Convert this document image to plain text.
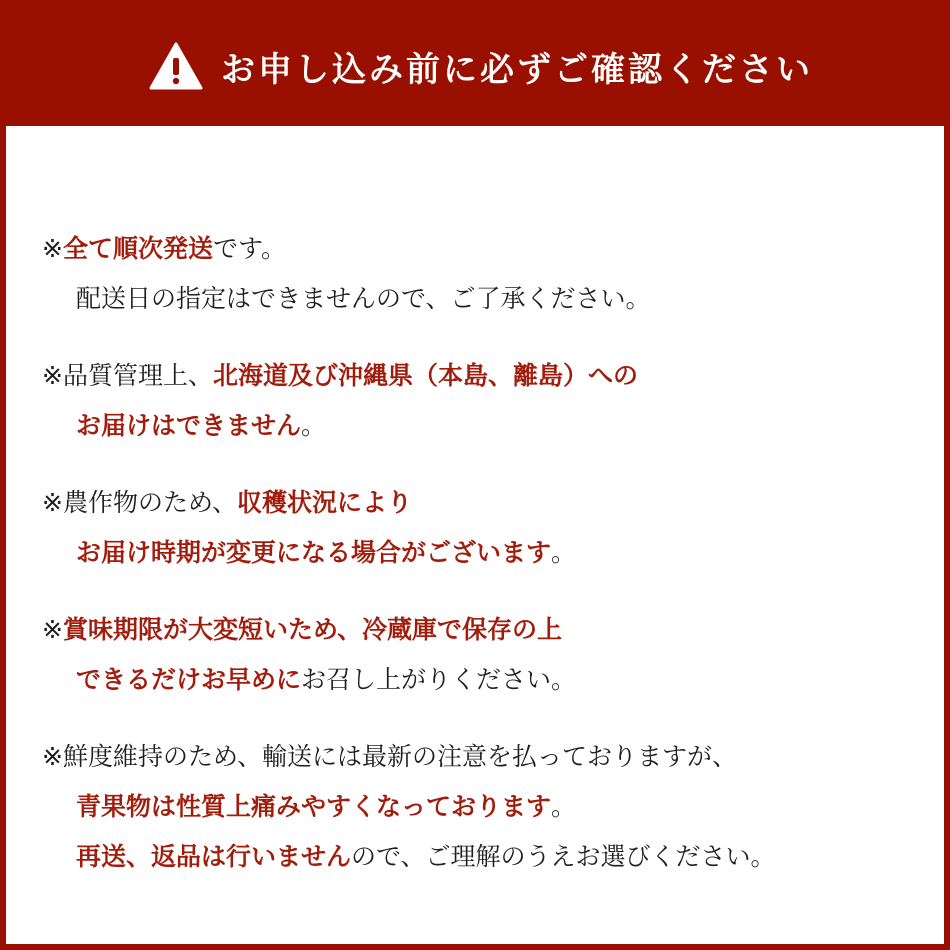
お申し込み前に必ずご確認ください
※全て順次発送です。
配送日の指定はできませんので、ご了承ください。
※品質管理上、北海道及び沖縄県（本島、離島）への
お届けはできません。
※農作物のため、収穫状況により
お届け時期が変更になる場合がございます。
※賞味期限が大変短いため、冷蔵庫で保存の上
できるだけお早めにお召し上がりください。
※鮮度維持のため、輸送には最新の注意を払っておりますが、
青果物は性質上痛みやすくなっております。
再送、返品は行いませんので、ご理解のうえお選びください。
